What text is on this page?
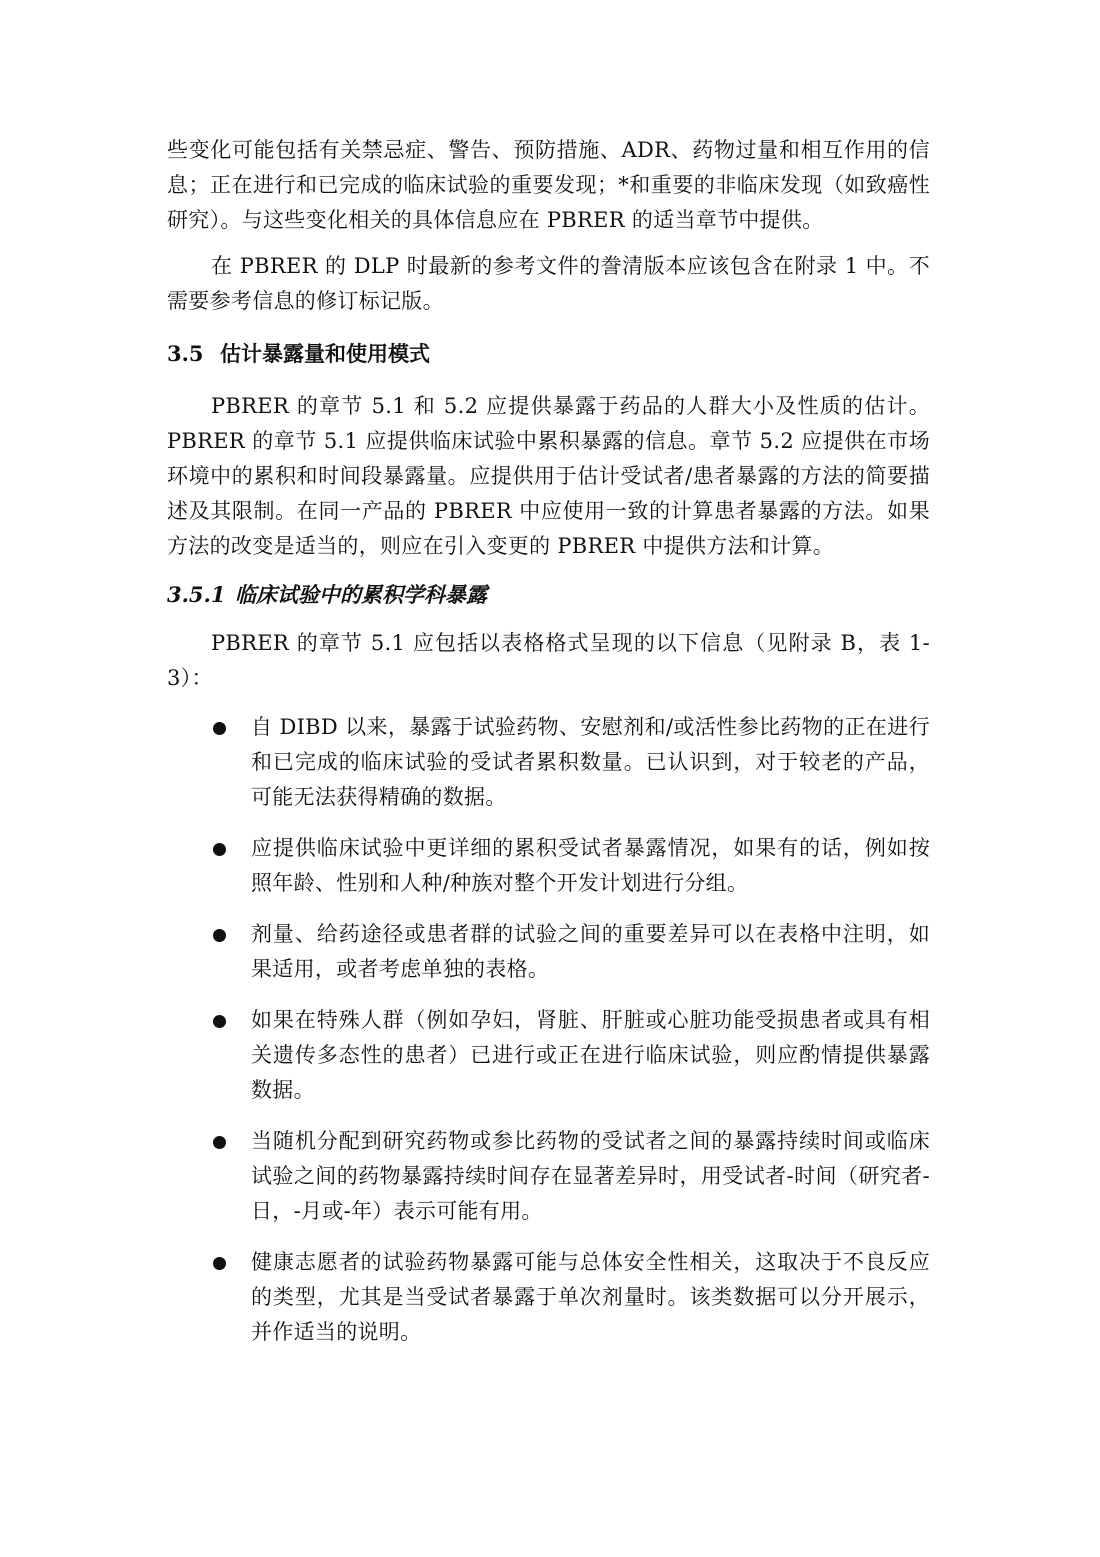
些变化可能包括有关禁忌症、警告、预防措施、ADR、药物过量和相互作用的信息；正在进行和已完成的临床试验的重要发现；*和重要的非临床发现（如致癌性研究）。与这些变化相关的具体信息应在 PBRER 的适当章节中提供。

在 PBRER 的 DLP 时最新的参考文件的誊清版本应该包含在附录 1 中。不需要参考信息的修订标记版。

3.5 估计暴露量和使用模式

PBRER 的章节 5.1 和 5.2 应提供暴露于药品的人群大小及性质的估计。PBRER 的章节 5.1 应提供临床试验中累积暴露的信息。章节 5.2 应提供在市场环境中的累积和时间段暴露量。应提供用于估计受试者/患者暴露的方法的简要描述及其限制。在同一产品的 PBRER 中应使用一致的计算患者暴露的方法。如果方法的改变是适当的，则应在引入变更的 PBRER 中提供方法和计算。

3.5.1 临床试验中的累积学科暴露

PBRER 的章节 5.1 应包括以表格格式呈现的以下信息（见附录 B，表 1-3）：

自 DIBD 以来，暴露于试验药物、安慰剂和/或活性参比药物的正在进行和已完成的临床试验的受试者累积数量。已认识到，对于较老的产品，可能无法获得精确的数据。
应提供临床试验中更详细的累积受试者暴露情况，如果有的话，例如按照年龄、性别和人种/种族对整个开发计划进行分组。
剂量、给药途径或患者群的试验之间的重要差异可以在表格中注明，如果适用，或者考虑单独的表格。
如果在特殊人群（例如孕妇，肾脏、肝脏或心脏功能受损患者或具有相关遗传多态性的患者）已进行或正在进行临床试验，则应酌情提供暴露数据。
当随机分配到研究药物或参比药物的受试者之间的暴露持续时间或临床试验之间的药物暴露持续时间存在显著差异时，用受试者-时间（研究者-日，-月或-年）表示可能有用。
健康志愿者的试验药物暴露可能与总体安全性相关，这取决于不良反应的类型，尤其是当受试者暴露于单次剂量时。该类数据可以分开展示，并作适当的说明。
